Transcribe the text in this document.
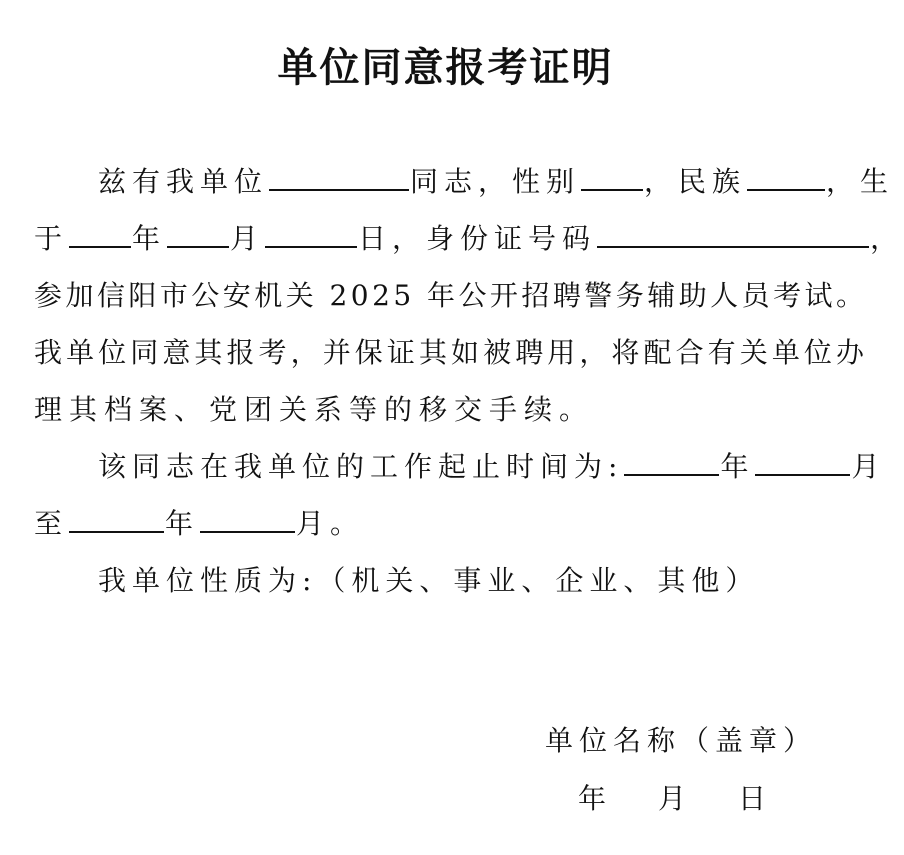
单位同意报考证明
兹有我单位	同志，性别 ，民族	，生
于 年 月	日，身份证号码	，
参加信阳市公安机关 2025 年公开招聘警务辅助人员考试。
我单位同意其报考，并保证其如被聘用，将配合有关单位办
理其档案、党团关系等的移交手续。
该同志在我单位的工作起止时间为:	年	月
至	年	月。
我单位性质为:（机关、事业、企业、其他）
单位名称（盖章）
年 月 日
